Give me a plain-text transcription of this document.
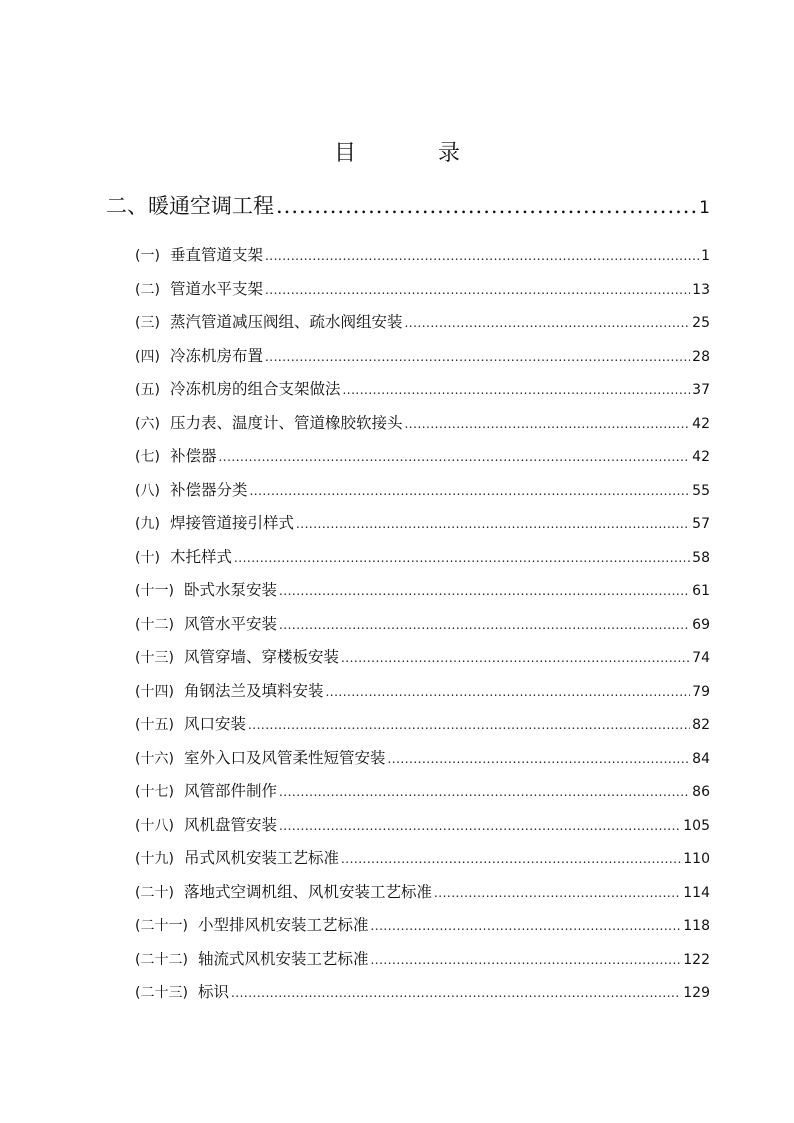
目　录
二、暖通空调工程 .....	1
(一) 垂直管道支架 .....	1
(二) 管道水平支架 .....	13
(三) 蒸汽管道减压阀组、疏水阀组安装 .....	25
(四) 冷冻机房布置 .....	28
(五) 冷冻机房的组合支架做法 .....	37
(六) 压力表、温度计、管道橡胶软接头 .....	42
(七) 补偿器 .....	42
(八) 补偿器分类 .....	55
(九) 焊接管道接引样式 .....	57
(十) 木托样式 .....	58
(十一) 卧式水泵安装 .....	61
(十二) 风管水平安装 .....	69
(十三) 风管穿墙、穿楼板安装 .....	74
(十四) 角钢法兰及填料安装 .....	79
(十五) 风口安装 .....	82
(十六) 室外入口及风管柔性短管安装 .....	84
(十七) 风管部件制作 .....	86
(十八) 风机盘管安装 .....	105
(十九) 吊式风机安装工艺标准 .....	110
(二十) 落地式空调机组、风机安装工艺标准 .....	114
(二十一) 小型排风机安装工艺标准 .....	118
(二十二) 轴流式风机安装工艺标准 .....	122
(二十三) 标识 .....	129
